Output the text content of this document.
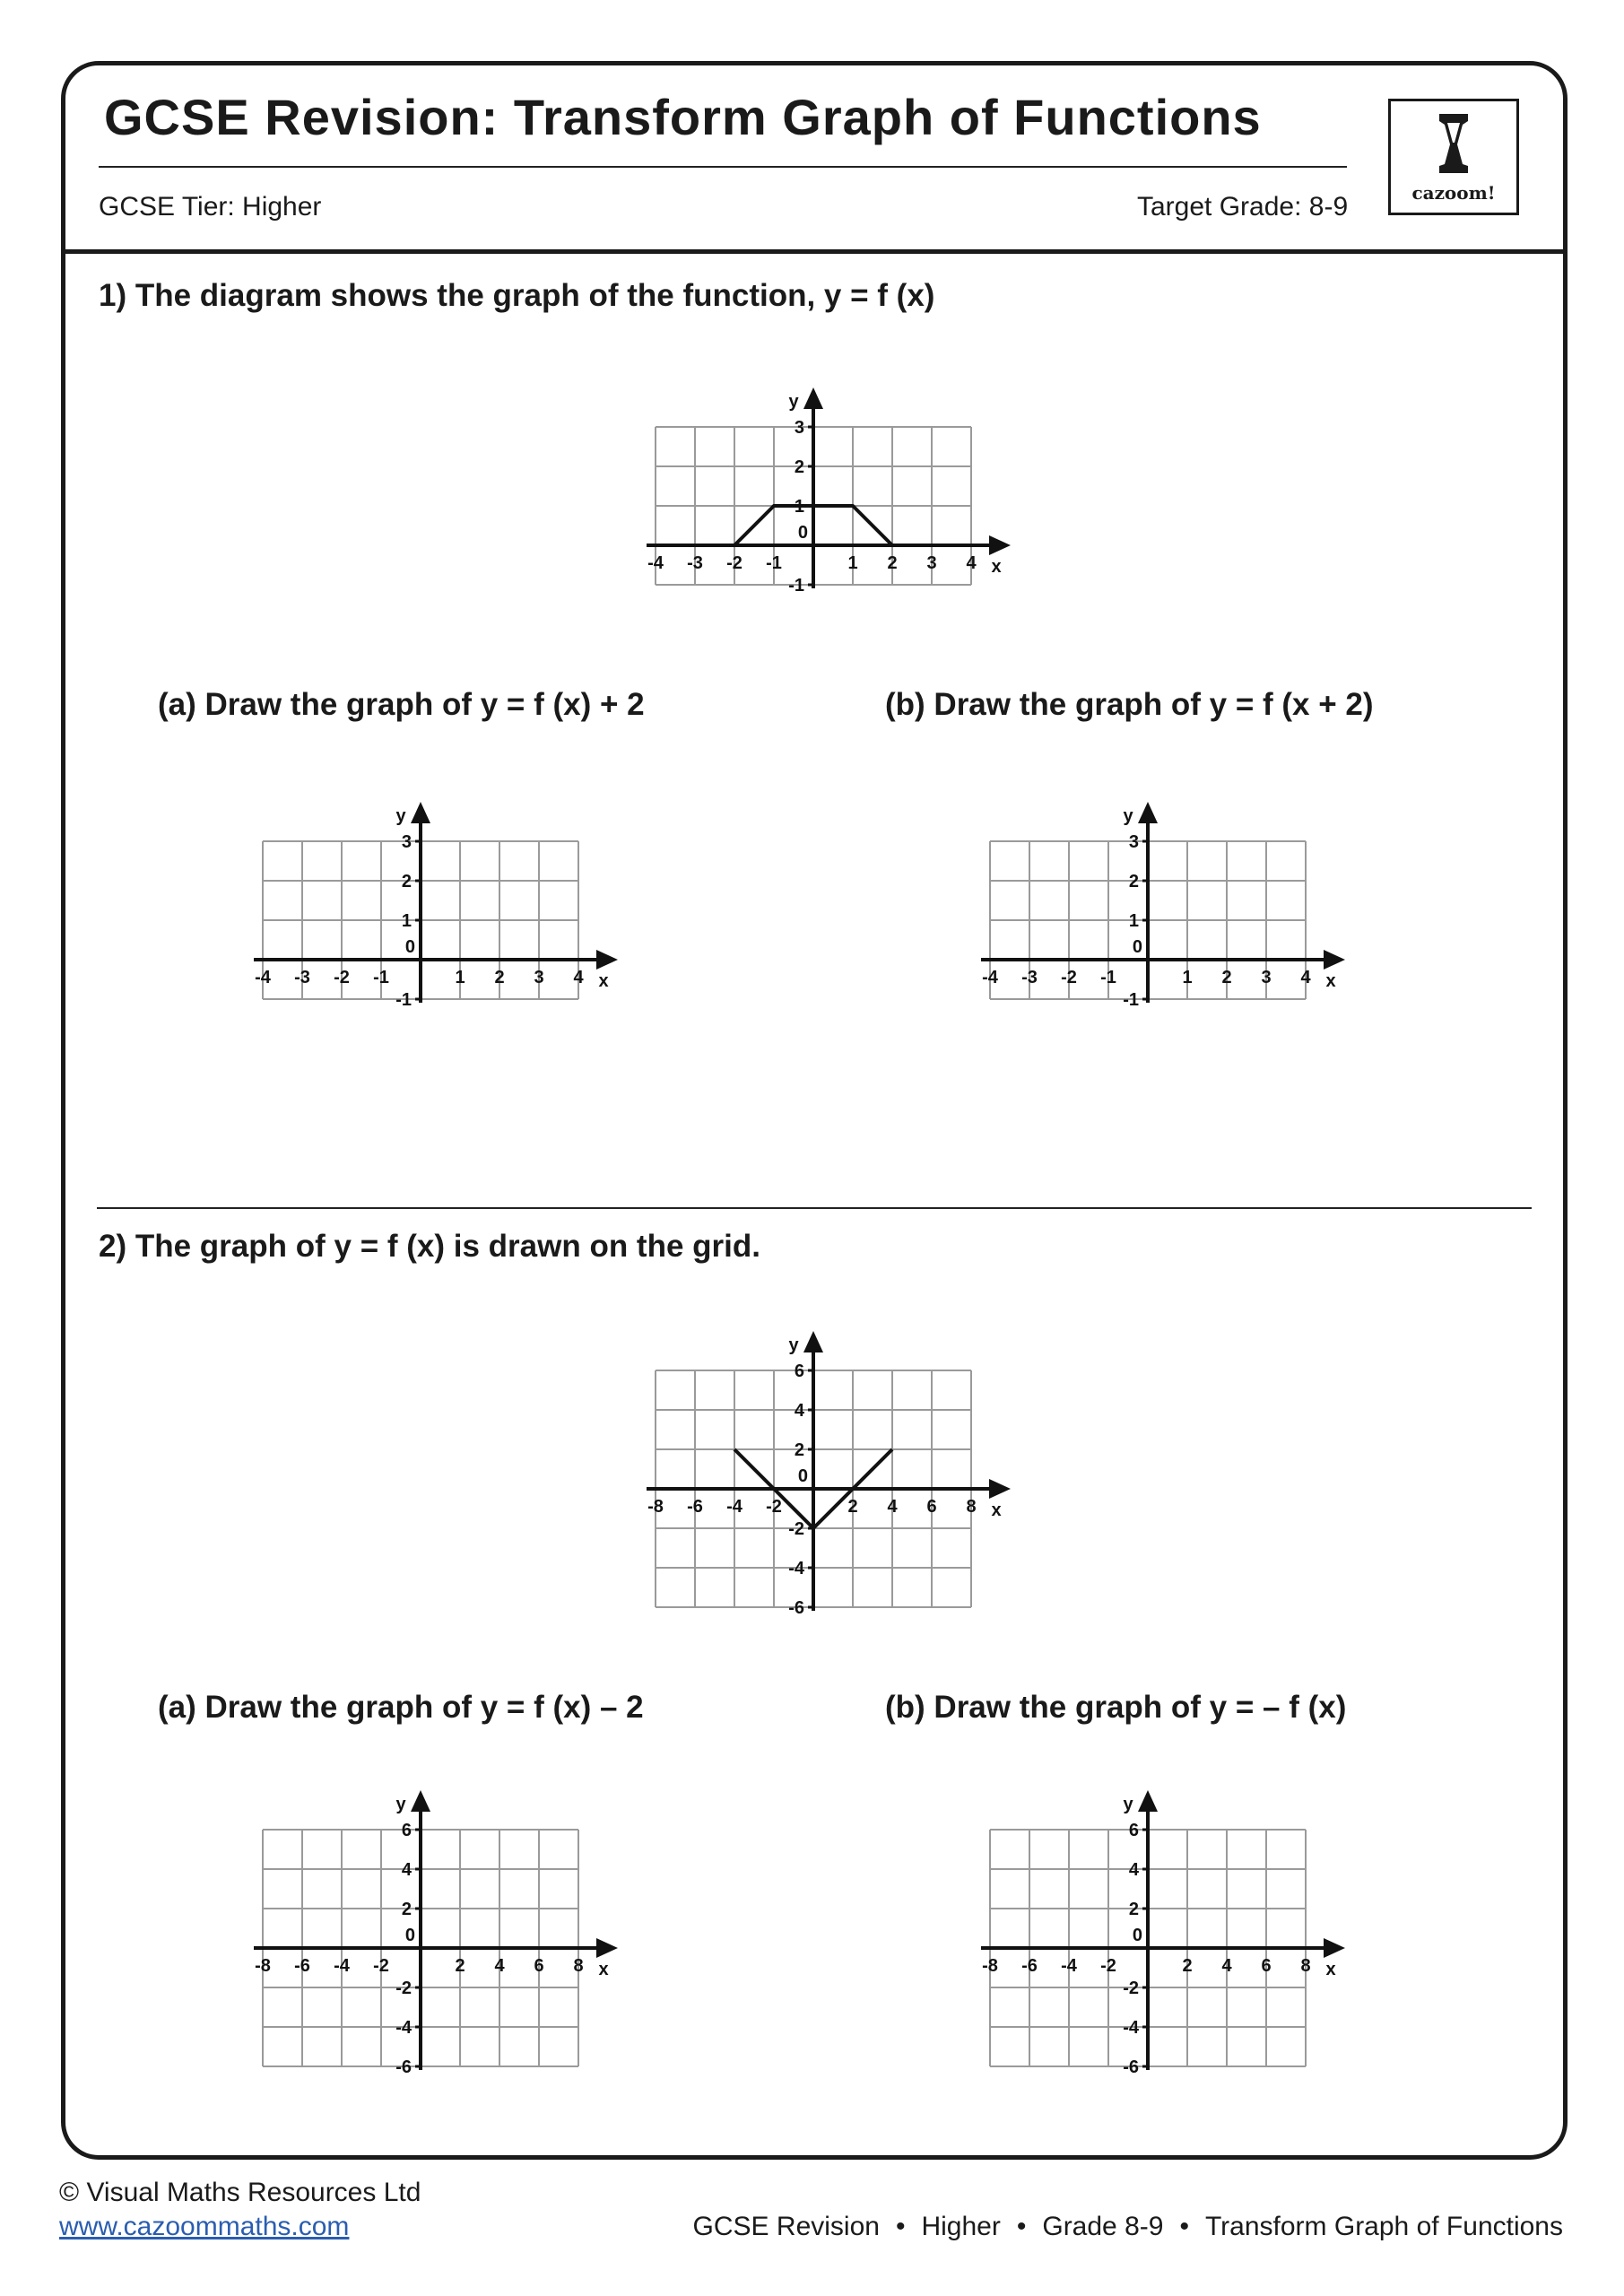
GCSE Revision: Transform Graph of Functions
GCSE Tier: Higher	Target Grade: 8-9	cazoom!
1) The diagram shows the graph of the function, y = f (x)
-4 -3 -2 -1	1 2 3 4
3
2
1
-1
0
x
y
(a) Draw the graph of y = f (x) + 2	(b) Draw the graph of y = f (x + 2)
-4 -3 -2 -1	1 2 3 4
3
2
1
-1
0
x
y
-4 -3 -2 -1	1 2 3 4
3
2
1
-1
0
x
y
2) The graph of y = f (x) is drawn on the grid.
-8 -6 -4 -2	2 4 6 8
6
4
2
-2
-4
-6
0
x
y
(a) Draw the graph of y = f (x) – 2	(b) Draw the graph of y = – f (x)
-8 -6 -4 -2	2 4 6 8
6
4
2
-2
-4
-6
0
x
y
-8 -6 -4 -2	2 4 6 8
6
4
2
-2
-4
-6
0
x
y
© Visual Maths Resources Ltd
www.cazoommaths.com	GCSE Revision • Higher • Grade 8-9 • Transform Graph of Functions
